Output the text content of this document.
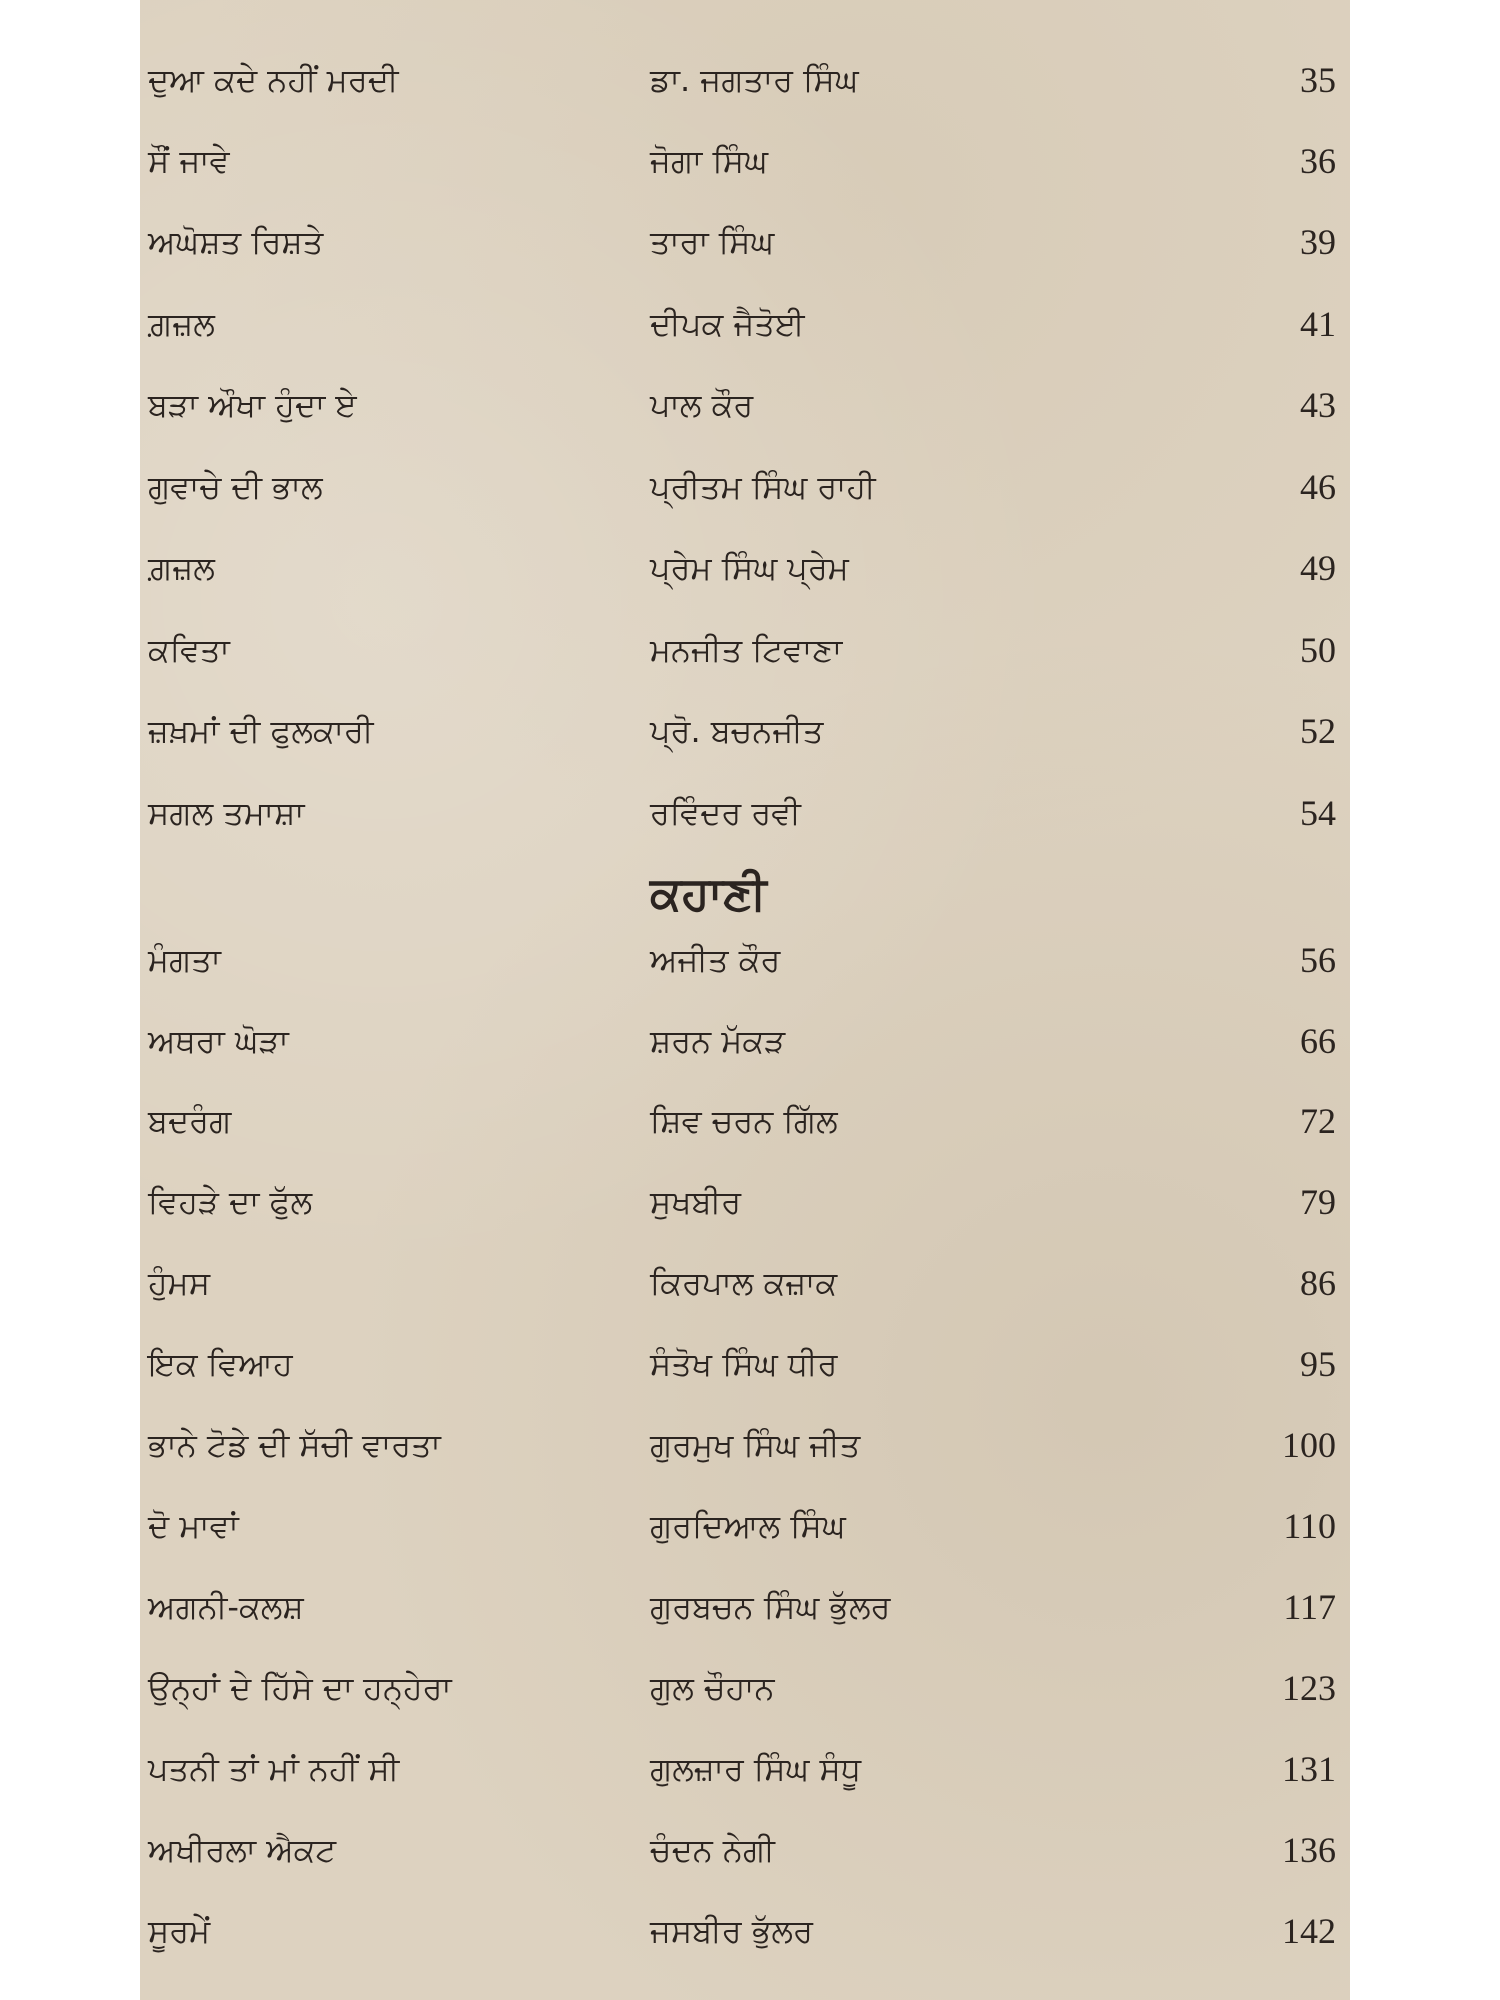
ਦੁਆ ਕਦੇ ਨਹੀਂ ਮਰਦੀ	ਡਾ. ਜਗਤਾਰ ਸਿੰਘ	35
ਸੌਂ ਜਾਵੇ	ਜੋਗਾ ਸਿੰਘ	36
ਅਘੋਸ਼ਤ ਰਿਸ਼ਤੇ	ਤਾਰਾ ਸਿੰਘ	39
ਗ਼ਜ਼ਲ	ਦੀਪਕ ਜੈਤੋਈ	41
ਬੜਾ ਔਖਾ ਹੁੰਦਾ ਏ	ਪਾਲ ਕੌਰ	43
ਗੁਵਾਚੇ ਦੀ ਭਾਲ	ਪ੍ਰੀਤਮ ਸਿੰਘ ਰਾਹੀ	46
ਗ਼ਜ਼ਲ	ਪ੍ਰੇਮ ਸਿੰਘ ਪ੍ਰੇਮ	49
ਕਵਿਤਾ	ਮਨਜੀਤ ਟਿਵਾਣਾ	50
ਜ਼ਖ਼ਮਾਂ ਦੀ ਫੁਲਕਾਰੀ	ਪ੍ਰੋ. ਬਚਨਜੀਤ	52
ਸਗਲ ਤਮਾਸ਼ਾ	ਰਵਿੰਦਰ ਰਵੀ	54
ਕਹਾਣੀ
ਮੰਗਤਾ	ਅਜੀਤ ਕੌਰ	56
ਅਥਰਾ ਘੋੜਾ	ਸ਼ਰਨ ਮੱਕੜ	66
ਬਦਰੰਗ	ਸ਼ਿਵ ਚਰਨ ਗਿੱਲ	72
ਵਿਹੜੇ ਦਾ ਫੁੱਲ	ਸੁਖਬੀਰ	79
ਹੁੰਮਸ	ਕਿਰਪਾਲ ਕਜ਼ਾਕ	86
ਇਕ ਵਿਆਹ	ਸੰਤੋਖ ਸਿੰਘ ਧੀਰ	95
ਭਾਨੇ ਟੋਡੇ ਦੀ ਸੱਚੀ ਵਾਰਤਾ	ਗੁਰਮੁਖ ਸਿੰਘ ਜੀਤ	100
ਦੋ ਮਾਵਾਂ	ਗੁਰਦਿਆਲ ਸਿੰਘ	110
ਅਗਨੀ-ਕਲਸ਼	ਗੁਰਬਚਨ ਸਿੰਘ ਭੁੱਲਰ	117
ਉਨ੍ਹਾਂ ਦੇ ਹਿੱਸੇ ਦਾ ਹਨ੍ਹੇਰਾ	ਗੁਲ ਚੌਹਾਨ	123
ਪਤਨੀ ਤਾਂ ਮਾਂ ਨਹੀਂ ਸੀ	ਗੁਲਜ਼ਾਰ ਸਿੰਘ ਸੰਧੂ	131
ਅਖੀਰਲਾ ਐਕਟ	ਚੰਦਨ ਨੇਗੀ	136
ਸੂਰਮੇਂ	ਜਸਬੀਰ ਭੁੱਲਰ	142
